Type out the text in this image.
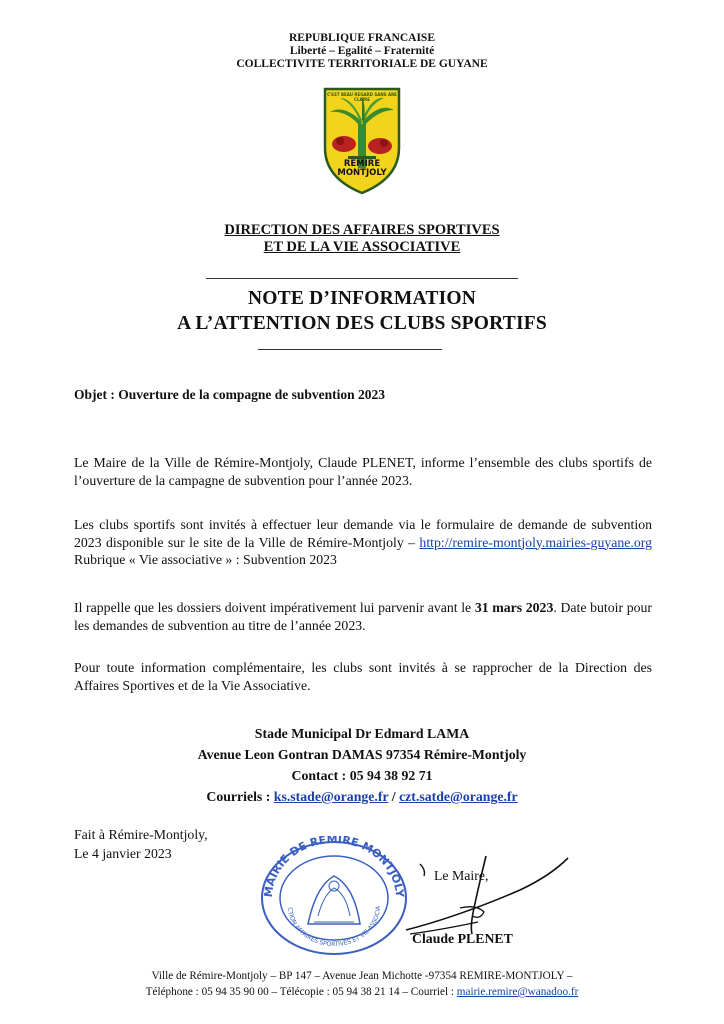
REPUBLIQUE FRANCAISE
Liberté – Egalité – Fraternité
COLLECTIVITE TERRITORIALE DE GUYANE
C'EST BEAU REGARD SANS ARE CLAIRE
REMIRE
MONTJOLY
DIRECTION DES AFFAIRES SPORTIVES
ET DE LA VIE ASSOCIATIVE
NOTE D’INFORMATION
A L’ATTENTION DES CLUBS SPORTIFS
Objet : Ouverture de la compagne de subvention 2023
Le Maire de la Ville de Rémire-Montjoly, Claude PLENET, informe l’ensemble des clubs sportifs de l’ouverture de la campagne de subvention pour l’année 2023.
Les clubs sportifs sont invités à effectuer leur demande via le formulaire de demande de subvention 2023 disponible sur le site de la Ville de Rémire-Montjoly – http://remire-montjoly.mairies-guyane.org Rubrique « Vie associative » : Subvention 2023
Il rappelle que les dossiers doivent impérativement lui parvenir avant le 31 mars 2023. Date butoir pour les demandes de subvention au titre de l’année 2023.
Pour toute information complémentaire, les clubs sont invités à se rapprocher de la Direction des Affaires Sportives et de la Vie Associative.
Stade Municipal Dr Edmard LAMA
Avenue Leon Gontran DAMAS 97354 Rémire-Montjoly
Contact : 05 94 38 92 71
Courriels : ks.stade@orange.fr / czt.satde@orange.fr
Fait à Rémire-Montjoly,
Le 4 janvier 2023
MAIRIE DE REMIRE MONTJOLY
CTION AFFAIRES SPORTIVES ET VIE ASSOCIA
Le Maire,
Claude PLENET
Ville de Rémire-Montjoly – BP 147 – Avenue Jean Michotte -97354 REMIRE-MONTJOLY –
Téléphone : 05 94 35 90 00 – Télécopie : 05 94 38 21 14 – Courriel : mairie.remire@wanadoo.fr
